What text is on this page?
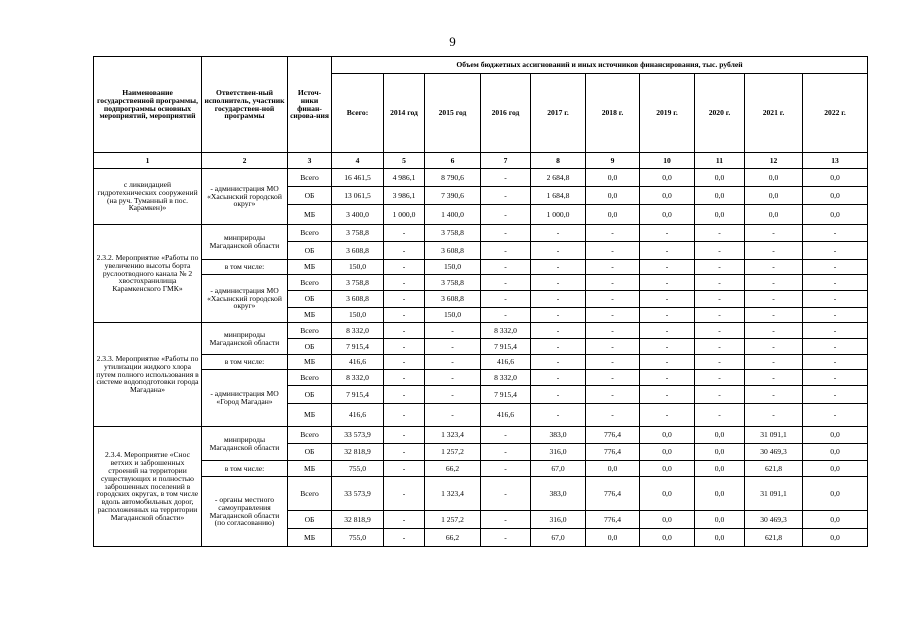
9
Наименование государственной программы, подпрограммы основных мероприятий, мероприятий	Ответствен-ный исполнитель, участник государствен-ной программы	Источ-ники финан-сирова-ния	Объем бюджетных ассигнований и иных источников финансирования, тыс. рублей									
			Всего:	2014 год	2015 год	2016 год	2017 г.	2018 г.	2019 г.	2020 г.	2021 г.	2022 г.
1	2	3	4	5	6	7	8	9	10	11	12	13
с ликвидацией гидротехнических сооружений (на руч. Туманный в пос. Карамкен)»	- администрация МО «Хасынский городской округ»	Всего	16 461,5	4 986,1	8 790,6	-	2 684,8	0,0	0,0	0,0	0,0	0,0
		ОБ	13 061,5	3 986,1	7 390,6	-	1 684,8	0,0	0,0	0,0	0,0	0,0
		МБ	3 400,0	1 000,0	1 400,0	-	1 000,0	0,0	0,0	0,0	0,0	0,0
2.3.2. Мероприятие «Работы по увеличению высоты борта руслоотводного канала № 2 хвостохранилища Карамкенского ГМК»	минприроды Магаданской области	Всего	3 758,8	-	3 758,8	-	-	-	-	-	-	-
		ОБ	3 608,8	-	3 608,8	-	-	-	-	-	-	-
	в том числе:	МБ	150,0	-	150,0	-	-	-	-	-	-	-
	- администрация МО «Хасынский городской округ»	Всего	3 758,8	-	3 758,8	-	-	-	-	-	-	-
		ОБ	3 608,8	-	3 608,8	-	-	-	-	-	-	-
		МБ	150,0	-	150,0	-	-	-	-	-	-	-
2.3.3. Мероприятие «Работы по утилизации жидкого хлора путем полного использования в системе водоподготовки города Магадана»	минприроды Магаданской области	Всего	8 332,0	-	-	8 332,0	-	-	-	-	-	-
		ОБ	7 915,4	-	-	7 915,4	-	-	-	-	-	-
	в том числе:	МБ	416,6	-	-	416,6	-	-	-	-	-	-
	- администрация МО «Город Магадан»	Всего	8 332,0	-	-	8 332,0	-	-	-	-	-	-
		ОБ	7 915,4	-	-	7 915,4	-	-	-	-	-	-
		МБ	416,6	-	-	416,6	-	-	-	-	-	-
2.3.4. Мероприятие «Снос ветхих и заброшенных строений на территории существующих и полностью заброшенных поселений в городских округах, в том числе вдоль автомобильных дорог, расположенных на территории Магаданской области»	минприроды Магаданской области	Всего	33 573,9	-	1 323,4	-	383,0	776,4	0,0	0,0	31 091,1	0,0
		ОБ	32 818,9	-	1 257,2	-	316,0	776,4	0,0	0,0	30 469,3	0,0
	в том числе:	МБ	755,0	-	66,2	-	67,0	0,0	0,0	0,0	621,8	0,0
	- органы местного самоуправления Магаданской области (по согласованию)	Всего	33 573,9	-	1 323,4	-	383,0	776,4	0,0	0,0	31 091,1	0,0
		ОБ	32 818,9	-	1 257,2	-	316,0	776,4	0,0	0,0	30 469,3	0,0
		МБ	755,0	-	66,2	-	67,0	0,0	0,0	0,0	621,8	0,0
